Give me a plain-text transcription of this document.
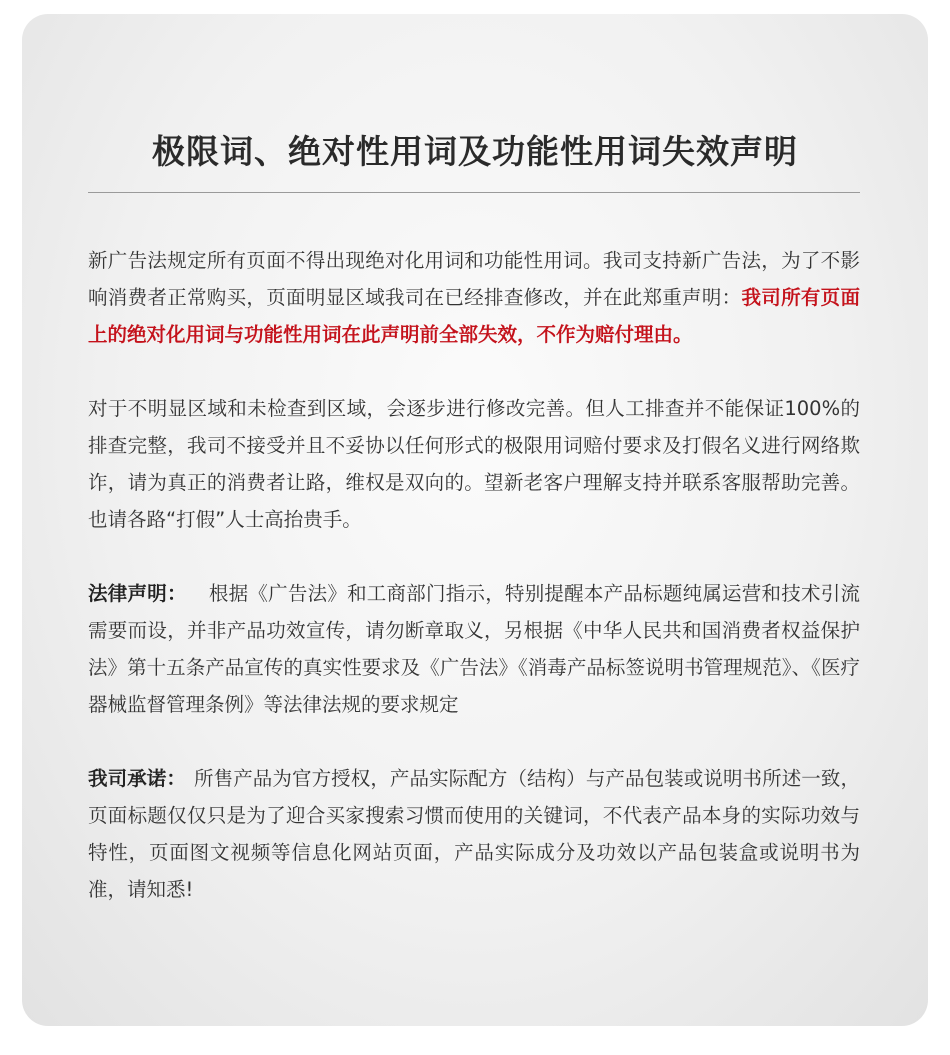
极限词、绝对性用词及功能性用词失效声明

新广告法规定所有页面不得出现绝对化用词和功能性用词。我司支持新广告法，为了不影响消费者正常购买，页面明显区域我司在已经排查修改，并在此郑重声明：我司所有页面上的绝对化用词与功能性用词在此声明前全部失效，不作为赔付理由。

对于不明显区域和未检查到区域，会逐步进行修改完善。但人工排查并不能保证100%的排查完整，我司不接受并且不妥协以任何形式的极限用词赔付要求及打假名义进行网络欺诈，请为真正的消费者让路，维权是双向的。望新老客户理解支持并联系客服帮助完善。也请各路“打假”人士高抬贵手。

法律声明： 根据《广告法》和工商部门指示，特别提醒本产品标题纯属运营和技术引流需要而设，并非产品功效宣传，请勿断章取义，另根据《中华人民共和国消费者权益保护法》第十五条产品宣传的真实性要求及《广告法》《消毒产品标签说明书管理规范》、《医疗器械监督管理条例》等法律法规的要求规定

我司承诺： 所售产品为官方授权，产品实际配方（结构）与产品包装或说明书所述一致，页面标题仅仅只是为了迎合买家搜索习惯而使用的关键词，不代表产品本身的实际功效与特性，页面图文视频等信息化网站页面，产品实际成分及功效以产品包装盒或说明书为准，请知悉!
